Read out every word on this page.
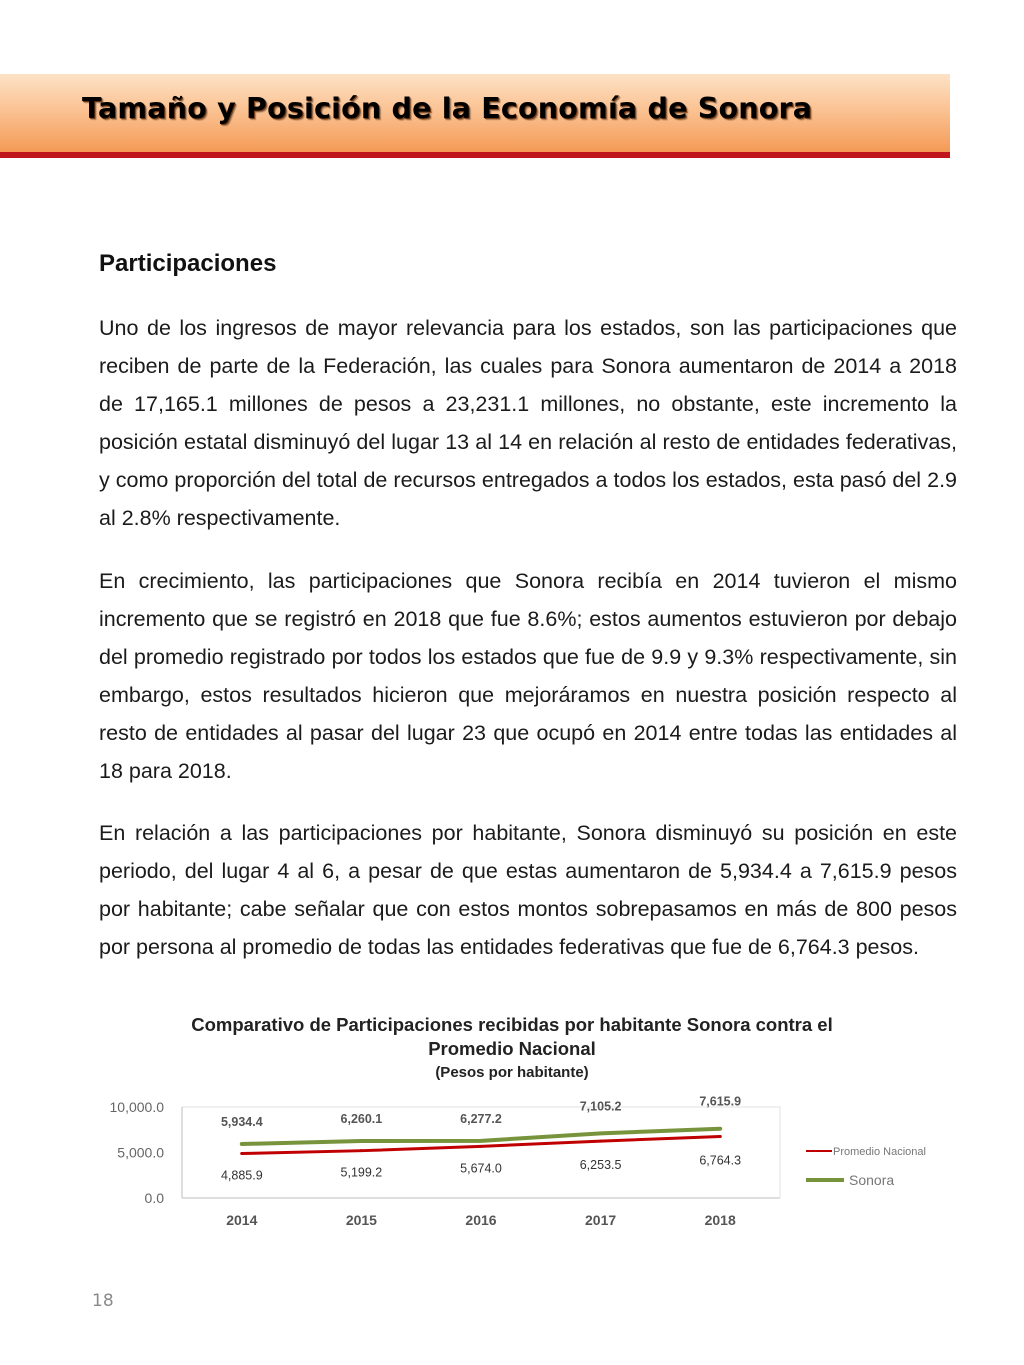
Tamaño y Posición de la Economía de Sonora
Participaciones

Uno de los ingresos de mayor relevancia para los estados, son las participaciones que reciben de parte de la Federación, las cuales para Sonora aumentaron de 2014 a 2018 de 17,165.1 millones de pesos a 23,231.1 millones, no obstante, este incremento la posición estatal disminuyó del lugar 13 al 14 en relación al resto de entidades federativas, y como proporción del total de recursos entregados a todos los estados, esta pasó del 2.9 al 2.8% respectivamente.

En crecimiento, las participaciones que Sonora recibía en 2014 tuvieron el mismo incremento que se registró en 2018 que fue 8.6%; estos aumentos estuvieron por debajo del promedio registrado por todos los estados que fue de 9.9 y 9.3% respectivamente, sin embargo, estos resultados hicieron que mejoráramos en nuestra posición respecto al resto de entidades al pasar del lugar 23 que ocupó en 2014 entre todas las entidades al 18 para 2018.

En relación a las participaciones por habitante, Sonora disminuyó su posición en este periodo, del lugar 4 al 6, a pesar de que estas aumentaron de 5,934.4 a 7,615.9 pesos por habitante; cabe señalar que con estos montos sobrepasamos en más de 800 pesos por persona al promedio de todas las entidades federativas que fue de 6,764.3 pesos.

Comparativo de Participaciones recibidas por habitante Sonora contra el Promedio Nacional
(Pesos por habitante)
10,000.0
5,000.0
0.0
2014	2015	2016	2017	2018
5,934.4	6,260.1	6,277.2
7,105.2	7,615.9
4,885.9	5,199.2	5,674.0	6,253.5	6,764.3
Promedio Nacional
Sonora
18
